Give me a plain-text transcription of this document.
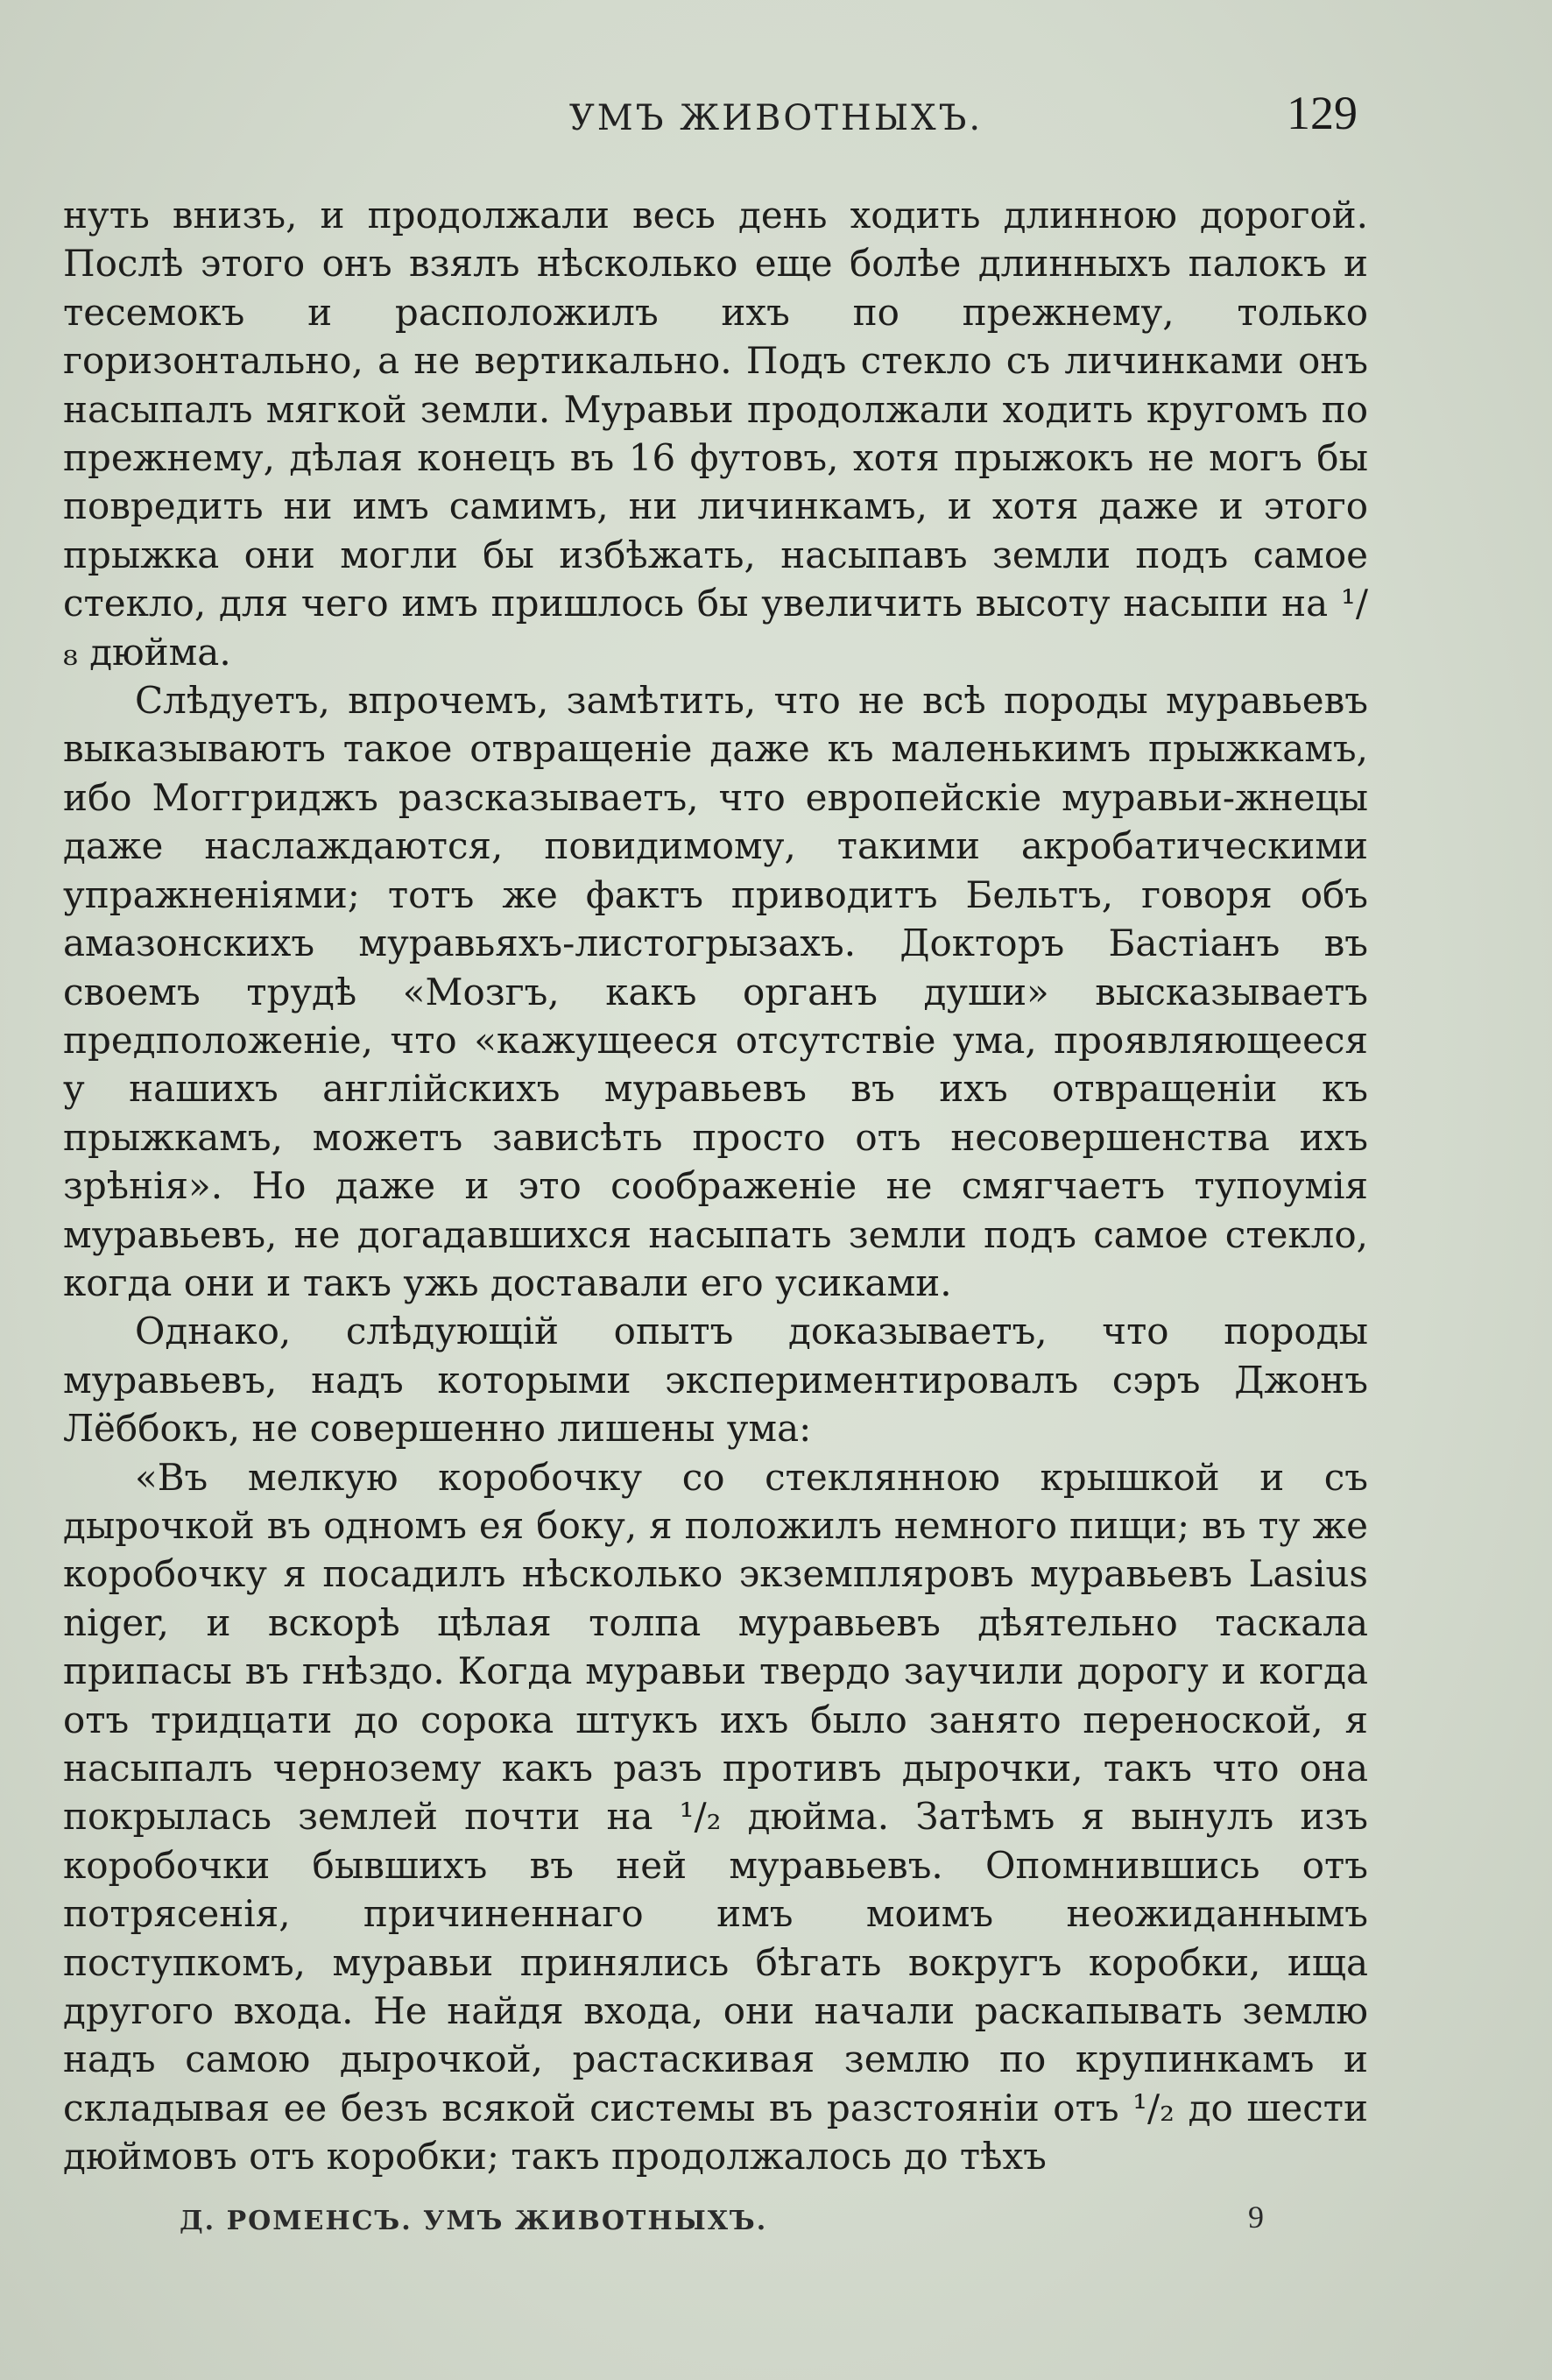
УМЪ ЖИВОТНЫХЪ.	129

нуть внизъ, и продолжали весь день ходить длинною дорогой. Послѣ этого онъ взялъ нѣсколько еще болѣе длинныхъ палокъ и тесемокъ и расположилъ ихъ по прежнему, только горизонтально, а не вертикально. Подъ стекло съ личинками онъ насыпалъ мягкой земли. Муравьи продолжали ходить кругомъ по прежнему, дѣлая конецъ въ 16 футовъ, хотя прыжокъ не могъ бы повредить ни имъ самимъ, ни личинкамъ, и хотя даже и этого прыжка они могли бы избѣжать, насыпавъ земли подъ самое стекло, для чего имъ пришлось бы увеличить высоту насыпи на ¹/₈ дюйма.

Слѣдуетъ, впрочемъ, замѣтить, что не всѣ породы муравьевъ выказываютъ такое отвращеніе даже къ маленькимъ прыжкамъ, ибо Моггриджъ разсказываетъ, что европейскіе муравьи-жнецы даже наслаждаются, повидимому, такими акробатическими упражненіями; тотъ же фактъ приводитъ Бельтъ, говоря объ амазонскихъ муравьяхъ-листогрызахъ. Докторъ Бастіанъ въ своемъ трудѣ «Мозгъ, какъ органъ души» высказываетъ предположеніе, что «кажущееся отсутствіе ума, проявляющееся у нашихъ англійскихъ муравьевъ въ ихъ отвращеніи къ прыжкамъ, можетъ зависѣть просто отъ несовершенства ихъ зрѣнія». Но даже и это соображеніе не смягчаетъ тупоумія муравьевъ, не догадавшихся насыпать земли подъ самое стекло, когда они и такъ ужь доставали его усиками.

Однако, слѣдующій опытъ доказываетъ, что породы муравьевъ, надъ которыми экспериментировалъ сэръ Джонъ Лёббокъ, не совершенно лишены ума:

«Въ мелкую коробочку со стеклянною крышкой и съ дырочкой въ одномъ ея боку, я положилъ немного пищи; въ ту же коробочку я посадилъ нѣсколько экземпляровъ муравьевъ Lasius niger, и вскорѣ цѣлая толпа муравьевъ дѣятельно таскала припасы въ гнѣздо. Когда муравьи твердо заучили дорогу и когда отъ тридцати до сорока штукъ ихъ было занято переноской, я насыпалъ чернозему какъ разъ противъ дырочки, такъ что она покрылась землей почти на ¹/₂ дюйма. Затѣмъ я вынулъ изъ коробочки бывшихъ въ ней муравьевъ. Опомнившись отъ потрясенія, причиненнаго имъ моимъ неожиданнымъ поступкомъ, муравьи принялись бѣгать вокругъ коробки, ища другого входа. Не найдя входа, они начали раскапывать землю надъ самою дырочкой, растаскивая землю по крупинкамъ и складывая ее безъ всякой системы въ разстояніи отъ ¹/₂ до шести дюймовъ отъ коробки; такъ продолжалось до тѣхъ

Д. РОМЕНСЪ. УМЪ ЖИВОТНЫХЪ.	9
